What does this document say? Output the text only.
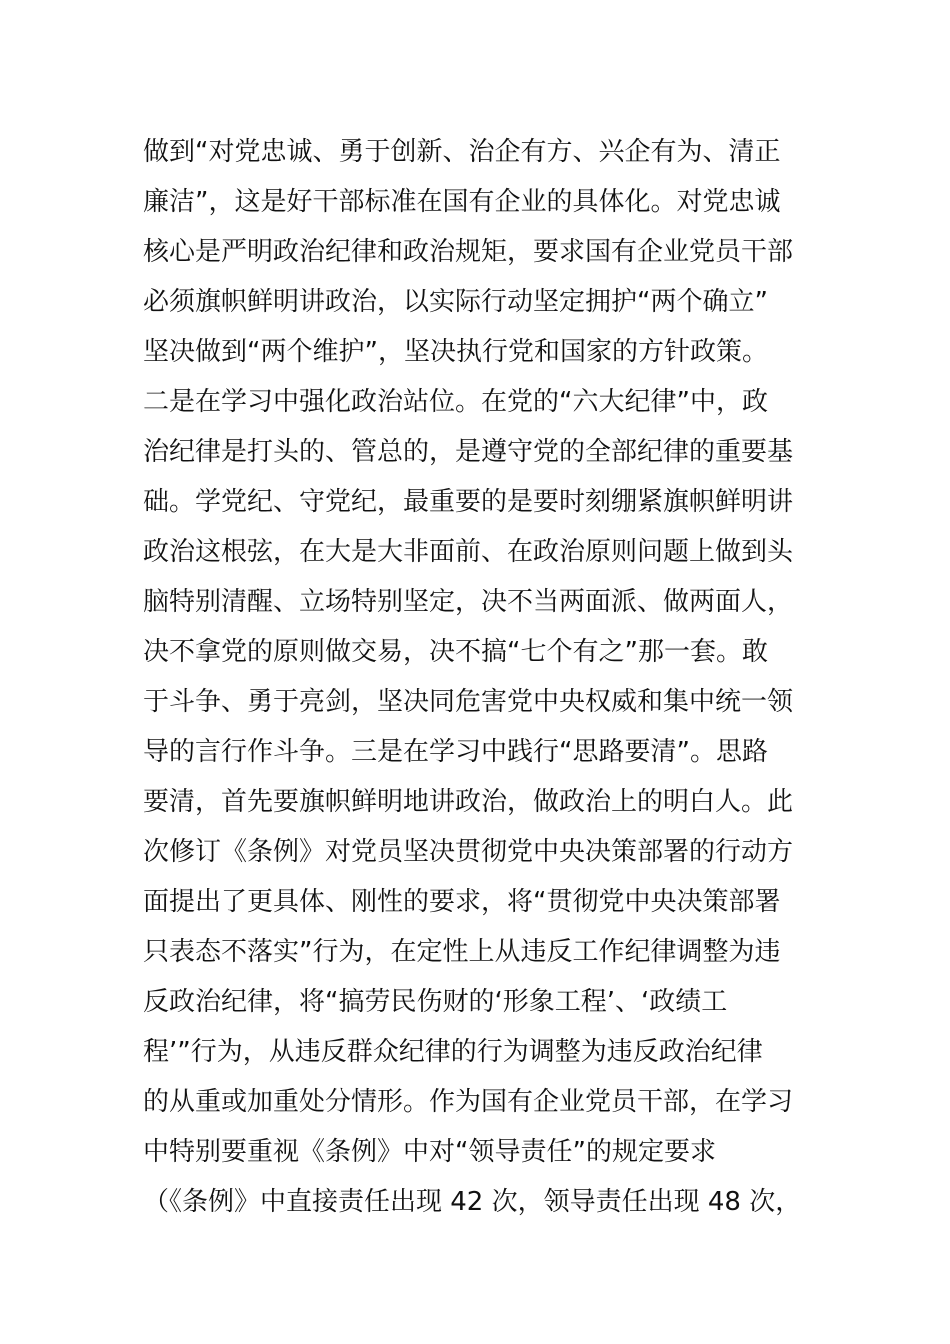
做到“对党忠诚、勇于创新、治企有方、兴企有为、清正
廉洁”，这是好干部标准在国有企业的具体化。对党忠诚
核心是严明政治纪律和政治规矩，要求国有企业党员干部
必须旗帜鲜明讲政治，以实际行动坚定拥护“两个确立”
坚决做到“两个维护”，坚决执行党和国家的方针政策。
二是在学习中强化政治站位。在党的“六大纪律”中，政
治纪律是打头的、管总的，是遵守党的全部纪律的重要基
础。学党纪、守党纪，最重要的是要时刻绷紧旗帜鲜明讲
政治这根弦，在大是大非面前、在政治原则问题上做到头
脑特别清醒、立场特别坚定，决不当两面派、做两面人，
决不拿党的原则做交易，决不搞“七个有之”那一套。敢
于斗争、勇于亮剑，坚决同危害党中央权威和集中统一领
导的言行作斗争。三是在学习中践行“思路要清”。思路
要清，首先要旗帜鲜明地讲政治，做政治上的明白人。此
次修订《条例》对党员坚决贯彻党中央决策部署的行动方
面提出了更具体、刚性的要求，将“贯彻党中央决策部署
只表态不落实”行为，在定性上从违反工作纪律调整为违
反政治纪律，将“搞劳民伤财的‘形象工程’、‘政绩工
程’”行为，从违反群众纪律的行为调整为违反政治纪律
的从重或加重处分情形。作为国有企业党员干部，在学习
中特别要重视《条例》中对“领导责任”的规定要求
（《条例》中直接责任出现 42 次，领导责任出现 48 次，
